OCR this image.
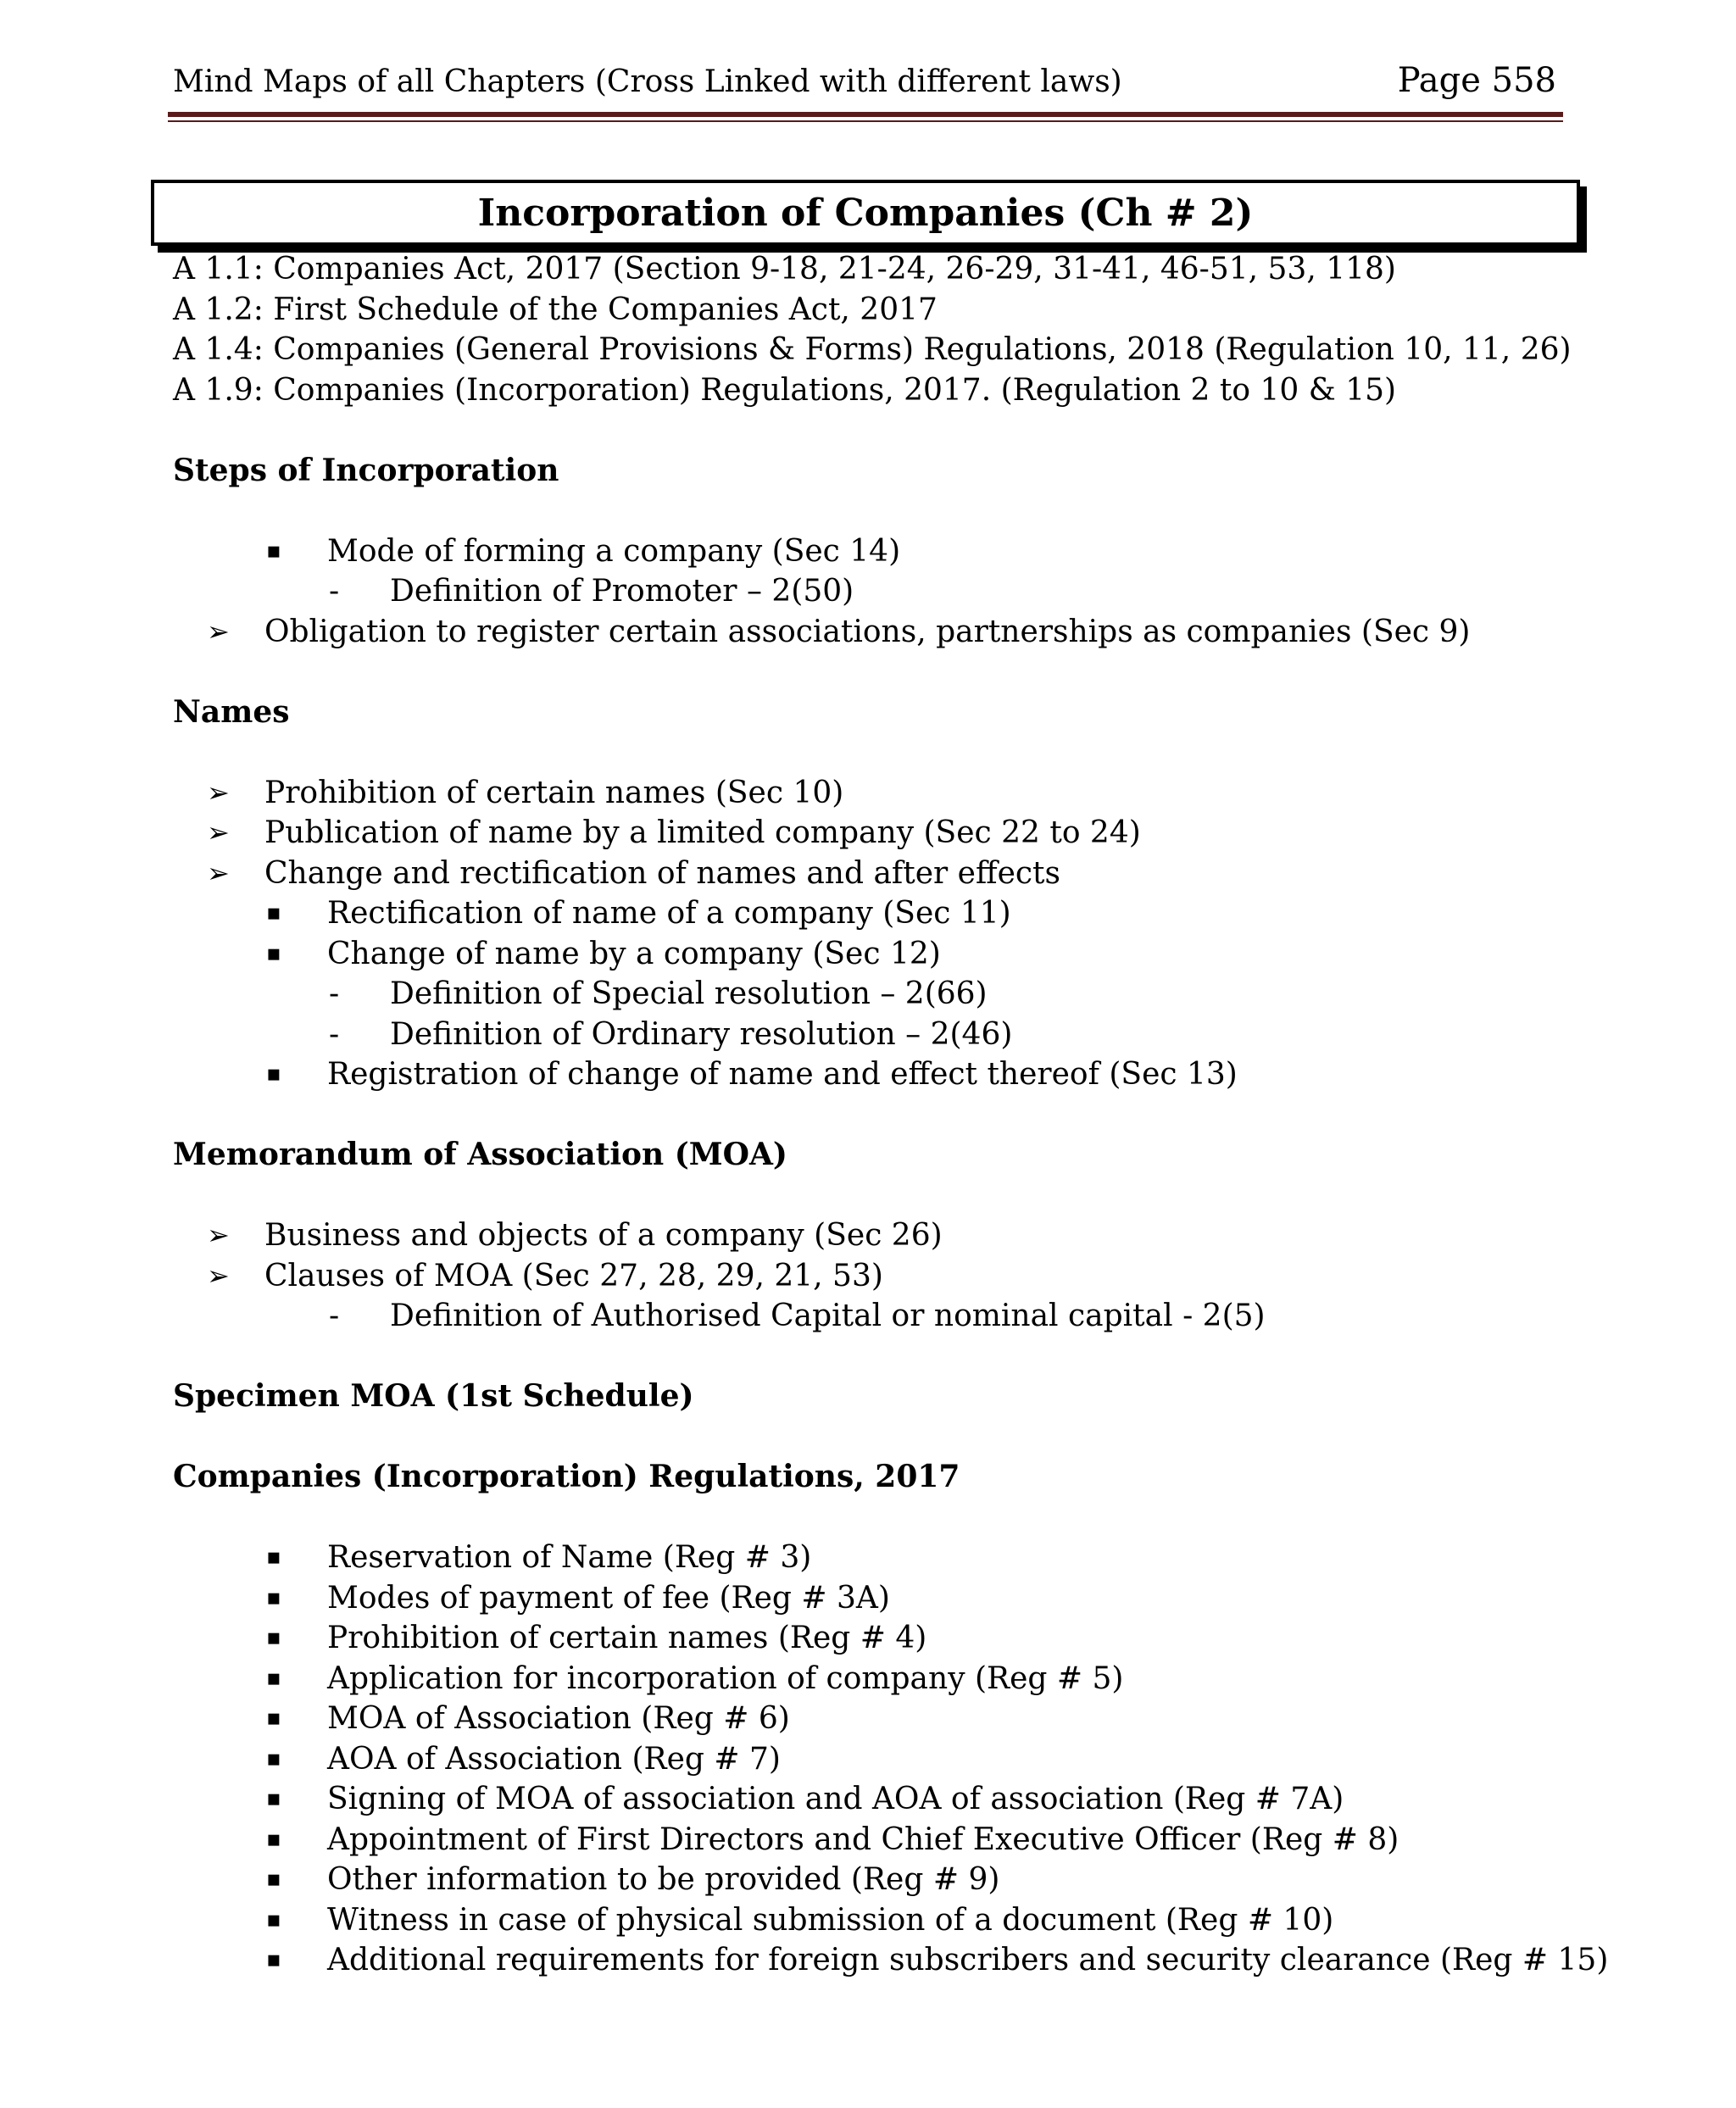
Mind Maps of all Chapters (Cross Linked with different laws)	Page 558
Incorporation of Companies (Ch # 2)
A 1.1: Companies Act, 2017 (Section 9-18, 21-24, 26-29, 31-41, 46-51, 53, 118)
A 1.2: First Schedule of the Companies Act, 2017
A 1.4: Companies (General Provisions & Forms) Regulations, 2018 (Regulation 10, 11, 26)
A 1.9: Companies (Incorporation) Regulations, 2017. (Regulation 2 to 10 & 15)
Steps of Incorporation
▪ Mode of forming a company (Sec 14)
- Definition of Promoter – 2(50)
➢ Obligation to register certain associations, partnerships as companies (Sec 9)
Names
➢ Prohibition of certain names (Sec 10)
➢ Publication of name by a limited company (Sec 22 to 24)
➢ Change and rectification of names and after effects
▪ Rectification of name of a company (Sec 11)
▪ Change of name by a company (Sec 12)
- Definition of Special resolution – 2(66)
- Definition of Ordinary resolution – 2(46)
▪ Registration of change of name and effect thereof (Sec 13)
Memorandum of Association (MOA)
➢ Business and objects of a company (Sec 26)
➢ Clauses of MOA (Sec 27, 28, 29, 21, 53)
- Definition of Authorised Capital or nominal capital - 2(5)
Specimen MOA (1st Schedule)
Companies (Incorporation) Regulations, 2017
▪ Reservation of Name (Reg # 3)
▪ Modes of payment of fee (Reg # 3A)
▪ Prohibition of certain names (Reg # 4)
▪ Application for incorporation of company (Reg # 5)
▪ MOA of Association (Reg # 6)
▪ AOA of Association (Reg # 7)
▪ Signing of MOA of association and AOA of association (Reg # 7A)
▪ Appointment of First Directors and Chief Executive Officer (Reg # 8)
▪ Other information to be provided (Reg # 9)
▪ Witness in case of physical submission of a document (Reg # 10)
▪ Additional requirements for foreign subscribers and security clearance (Reg # 15)
